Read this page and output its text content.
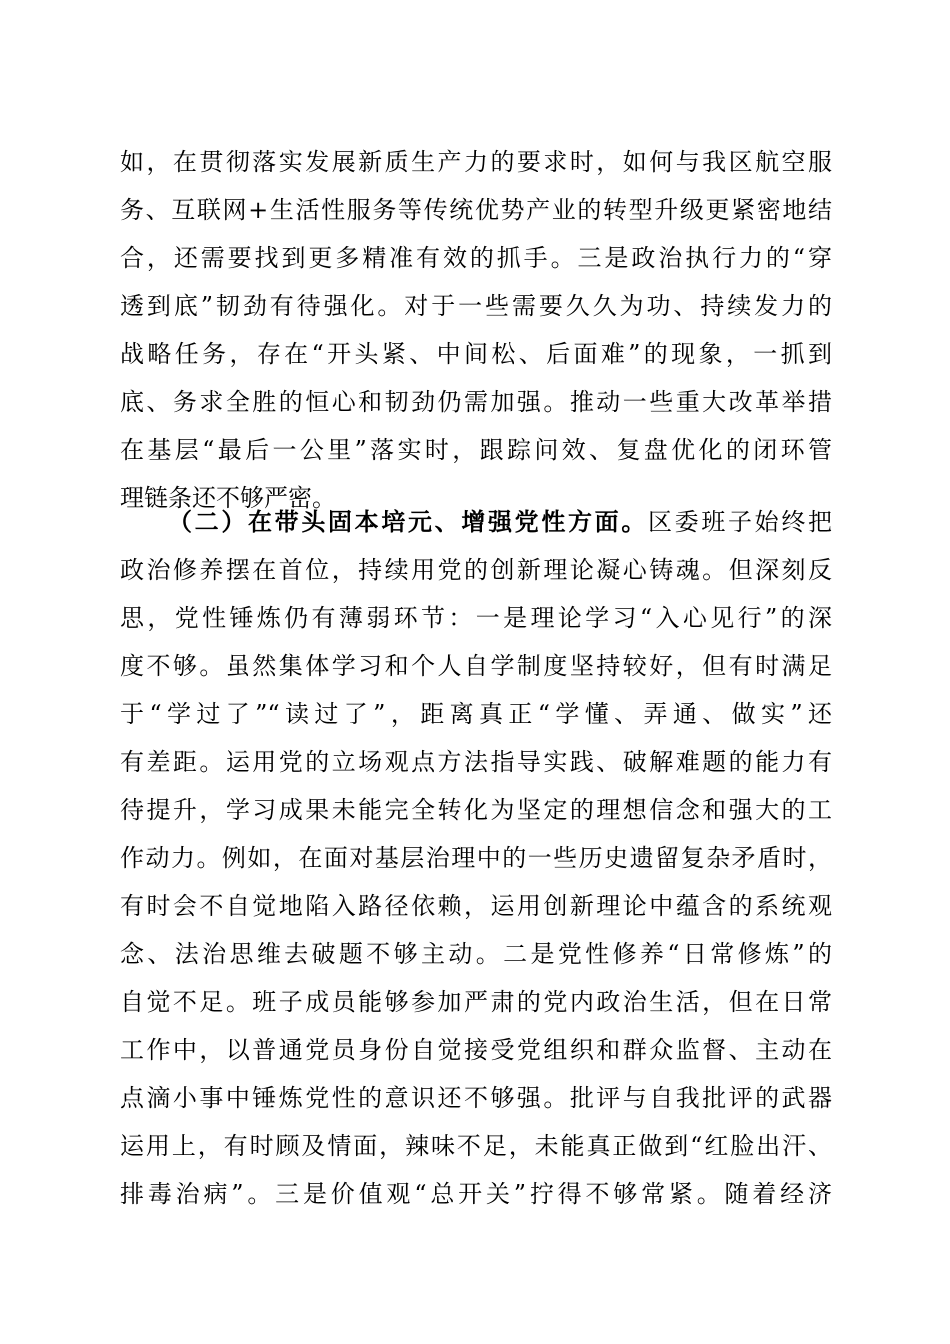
如，在贯彻落实发展新质生产力的要求时，如何与我区航空服
务、互联网+生活性服务等传统优势产业的转型升级更紧密地结
合，还需要找到更多精准有效的抓手。三是政治执行力的“穿
透到底”韧劲有待强化。对于一些需要久久为功、持续发力的
战略任务，存在“开头紧、中间松、后面难”的现象，一抓到
底、务求全胜的恒心和韧劲仍需加强。推动一些重大改革举措
在基层“最后一公里”落实时，跟踪问效、复盘优化的闭环管
理链条还不够严密。
（二）在带头固本培元、增强党性方面。区委班子始终把
政治修养摆在首位，持续用党的创新理论凝心铸魂。但深刻反
思，党性锤炼仍有薄弱环节：一是理论学习“入心见行”的深
度不够。虽然集体学习和个人自学制度坚持较好，但有时满足
于“学过了”“读过了”，距离真正“学懂、弄通、做实”还
有差距。运用党的立场观点方法指导实践、破解难题的能力有
待提升，学习成果未能完全转化为坚定的理想信念和强大的工
作动力。例如，在面对基层治理中的一些历史遗留复杂矛盾时，
有时会不自觉地陷入路径依赖，运用创新理论中蕴含的系统观
念、法治思维去破题不够主动。二是党性修养“日常修炼”的
自觉不足。班子成员能够参加严肃的党内政治生活，但在日常
工作中，以普通党员身份自觉接受党组织和群众监督、主动在
点滴小事中锤炼党性的意识还不够强。批评与自我批评的武器
运用上，有时顾及情面，辣味不足，未能真正做到“红脸出汗、
排毒治病”。三是价值观“总开关”拧得不够常紧。随着经济
